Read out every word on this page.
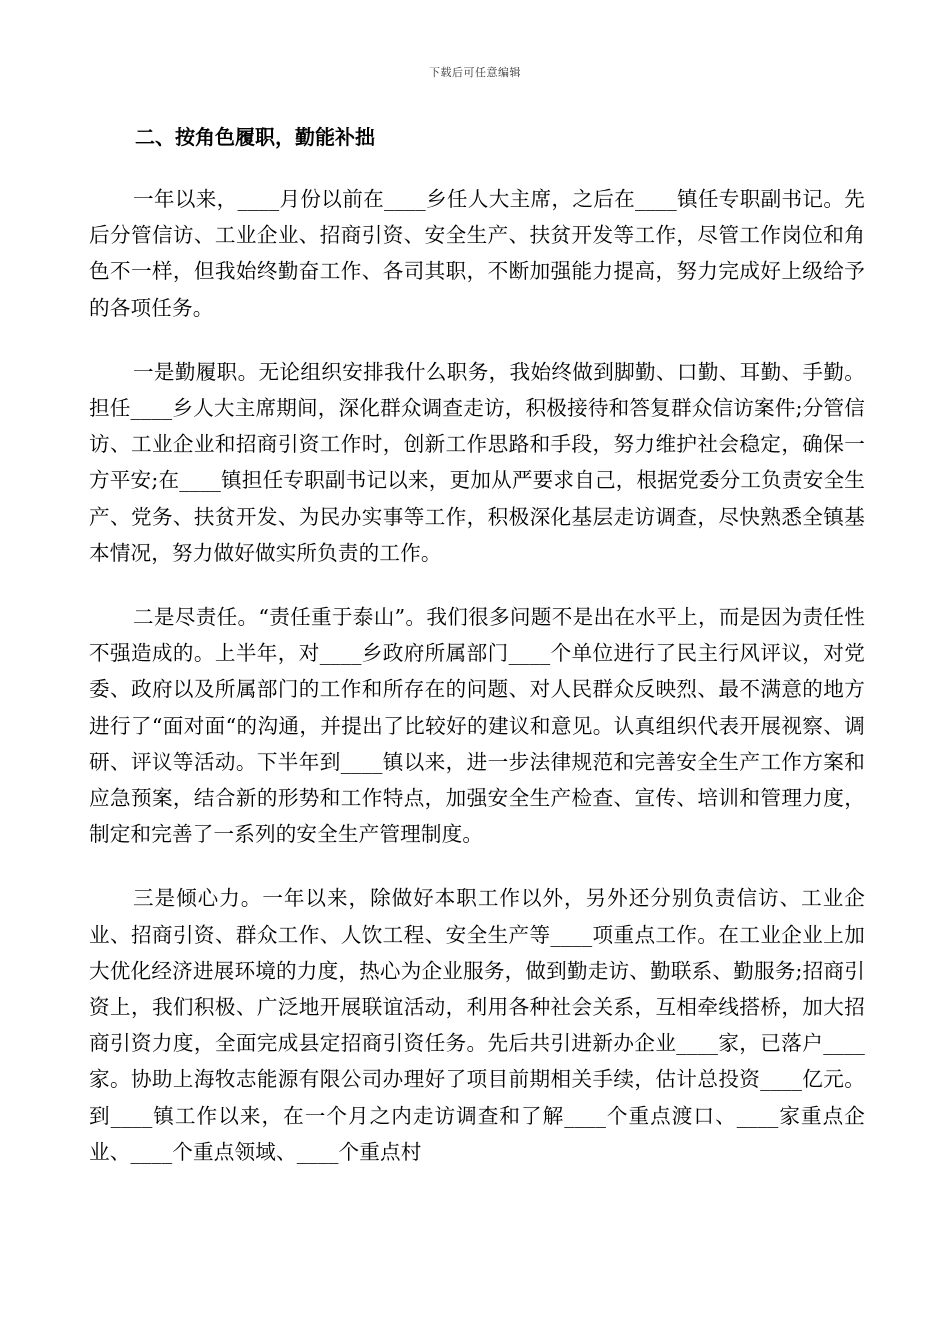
下载后可任意编辑
二、按角色履职，勤能补拙

一年以来，____月份以前在____乡任人大主席，之后在____镇任专职副书记。先后分管信访、工业企业、招商引资、安全生产、扶贫开发等工作，尽管工作岗位和角色不一样，但我始终勤奋工作、各司其职，不断加强能力提高，努力完成好上级给予的各项任务。

一是勤履职。无论组织安排我什么职务，我始终做到脚勤、口勤、耳勤、手勤。担任____乡人大主席期间，深化群众调查走访，积极接待和答复群众信访案件;分管信访、工业企业和招商引资工作时，创新工作思路和手段，努力维护社会稳定，确保一方平安;在____镇担任专职副书记以来，更加从严要求自己，根据党委分工负责安全生产、党务、扶贫开发、为民办实事等工作，积极深化基层走访调查，尽快熟悉全镇基本情况，努力做好做实所负责的工作。

二是尽责任。“责任重于泰山”。我们很多问题不是出在水平上，而是因为责任性不强造成的。上半年，对____乡政府所属部门____个单位进行了民主行风评议，对党委、政府以及所属部门的工作和所存在的问题、对人民群众反映烈、最不满意的地方进行了“面对面“的沟通，并提出了比较好的建议和意见。认真组织代表开展视察、调研、评议等活动。下半年到____镇以来，进一步法律规范和完善安全生产工作方案和应急预案，结合新的形势和工作特点，加强安全生产检查、宣传、培训和管理力度，制定和完善了一系列的安全生产管理制度。

三是倾心力。一年以来，除做好本职工作以外，另外还分别负责信访、工业企业、招商引资、群众工作、人饮工程、安全生产等____项重点工作。在工业企业上加大优化经济进展环境的力度，热心为企业服务，做到勤走访、勤联系、勤服务;招商引资上，我们积极、广泛地开展联谊活动，利用各种社会关系，互相牵线搭桥，加大招商引资力度，全面完成县定招商引资任务。先后共引进新办企业____家，已落户____家。协助上海牧志能源有限公司办理好了项目前期相关手续，估计总投资____亿元。到____镇工作以来，在一个月之内走访调查和了解____个重点渡口、____家重点企业、____个重点领域、____个重点村
